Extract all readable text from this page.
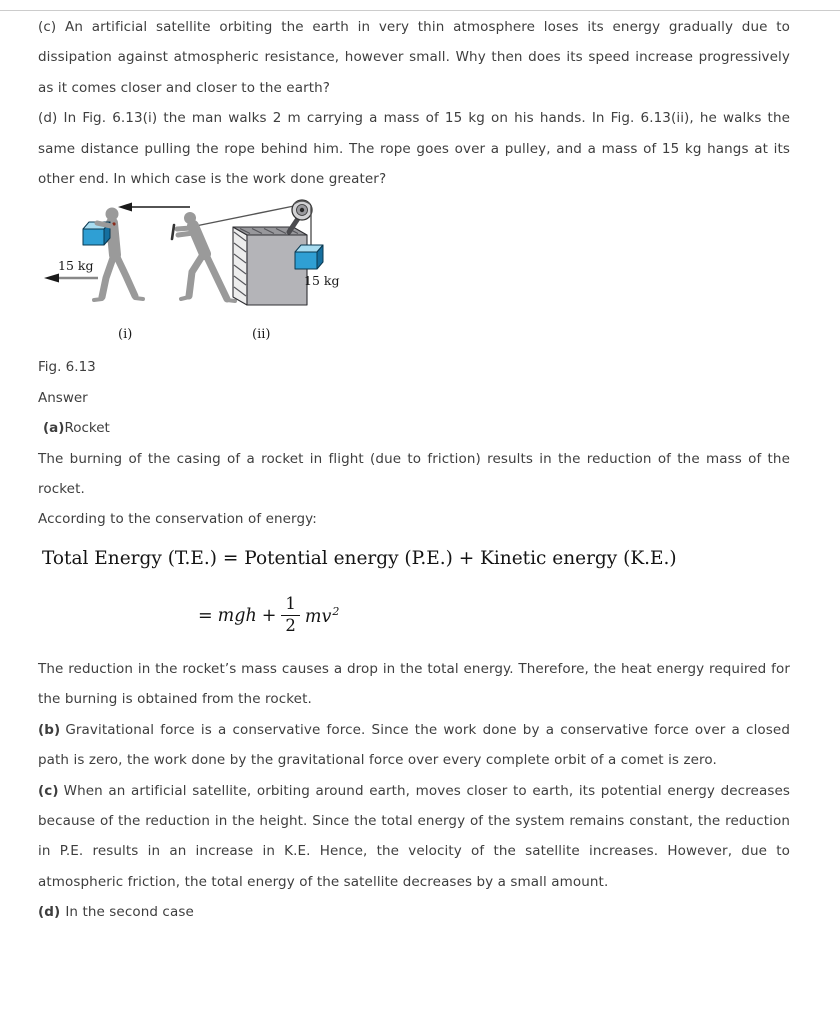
(c) An artificial satellite orbiting the earth in very thin atmosphere loses its energy gradually due to dissipation against atmospheric resistance, however small. Why then does its speed increase progressively as it comes closer and closer to the earth?

(d) In Fig. 6.13(i) the man walks 2 m carrying a mass of 15 kg on his hands. In Fig. 6.13(ii), he walks the same distance pulling the rope behind him. The rope goes over a pulley, and a mass of 15 kg hangs at its other end. In which case is the work done greater?

15 kg
15 kg
(i)	(ii)

Fig. 6.13

Answer

(a)Rocket

The burning of the casing of a rocket in flight (due to friction) results in the reduction of the mass of the rocket.

According to the conservation of energy:

Total Energy (T.E.) = Potential energy (P.E.) + Kinetic energy (K.E.)
= mgh + $\frac{1}{2} mv^2$

The reduction in the rocket’s mass causes a drop in the total energy. Therefore, the heat energy required for the burning is obtained from the rocket.

(b) Gravitational force is a conservative force. Since the work done by a conservative force over a closed path is zero, the work done by the gravitational force over every complete orbit of a comet is zero.

(c) When an artificial satellite, orbiting around earth, moves closer to earth, its potential energy decreases because of the reduction in the height. Since the total energy of the system remains constant, the reduction in P.E. results in an increase in K.E. Hence, the velocity of the satellite increases. However, due to atmospheric friction, the total energy of the satellite decreases by a small amount.

(d) In the second case
